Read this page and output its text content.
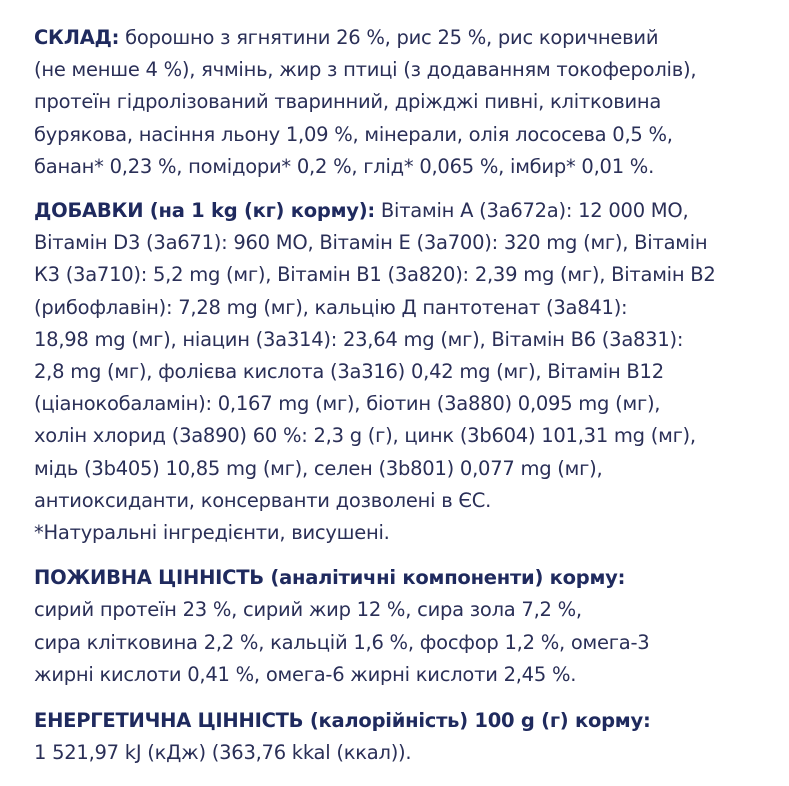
СКЛАД: борошно з ягнятини 26 %, рис 25 %, рис коричневий
(не менше 4 %), ячмінь, жир з птиці (з додаванням токоферолів),
протеїн гідролізований тваринний, дріжджі пивні, клітковина
бурякова, насіння льону 1,09 %, мінерали, олія лососева 0,5 %,
банан* 0,23 %, помідори* 0,2 %, глід* 0,065 %, імбир* 0,01 %.

ДОБАВКИ (на 1 kg (кг) корму): Вітамін А (3а672а): 12 000 МО,
Вітамін D3 (3а671): 960 МО, Вітамін Е (3а700): 320 mg (мг), Вітамін
К3 (3а710): 5,2 mg (мг), Вітамін В1 (3а820): 2,39 mg (мг), Вітамін В2
(рибофлавін): 7,28 mg (мг), кальцію Д пантотенат (3а841):
18,98 mg (мг), ніацин (3а314): 23,64 mg (мг), Вітамін В6 (3а831):
2,8 mg (мг), фолієва кислота (3а316) 0,42 mg (мг), Вітамін В12
(ціанокобаламін): 0,167 mg (мг), біотин (3а880) 0,095 mg (мг),
холін хлорид (3а890) 60 %: 2,3 g (г), цинк (3b604) 101,31 mg (мг),
мідь (3b405) 10,85 mg (мг), селен (3b801) 0,077 mg (мг),
антиоксиданти, консерванти дозволені в ЄС.
*Натуральні інгредієнти, висушені.

ПОЖИВНА ЦІННІСТЬ (аналітичні компоненти) корму:
сирий протеїн 23 %, сирий жир 12 %, сира зола 7,2 %,
сира клітковина 2,2 %, кальцій 1,6 %, фосфор 1,2 %, омега-3
жирні кислоти 0,41 %, омега-6 жирні кислоти 2,45 %.

ЕНЕРГЕТИЧНА ЦІННІСТЬ (калорійність) 100 g (г) корму:
1 521,97 kJ (кДж) (363,76 kkal (ккал)).
